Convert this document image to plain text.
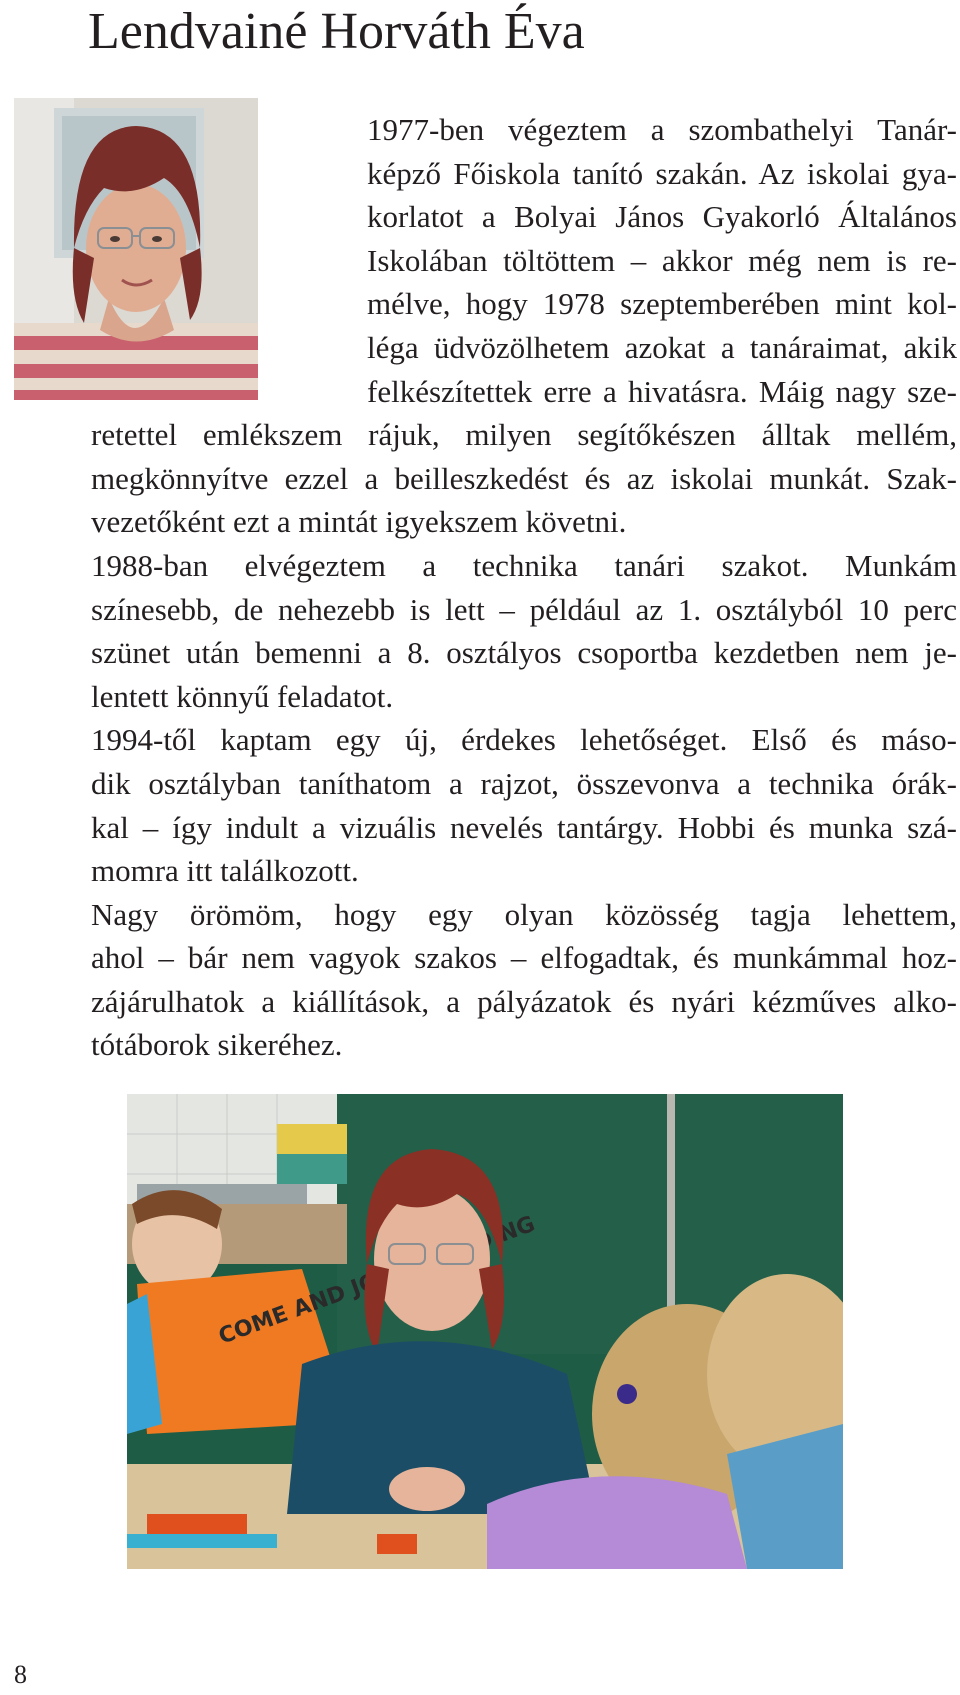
Lendvainé Horváth Éva

1977-ben végeztem a szombathelyi Tanár-
képző Főiskola tanító szakán. Az iskolai gya-
korlatot a Bolyai János Gyakorló Általános
Iskolában töltöttem – akkor még nem is re-
mélve, hogy 1978 szeptemberében mint kol-
léga üdvözölhetem azokat a tanáraimat, akik
felkészítettek erre a hivatásra. Máig nagy sze-
retettel emlékszem rájuk, milyen segítőkészen álltak mellém,
megkönnyítve ezzel a beilleszkedést és az iskolai munkát. Szak-
vezetőként ezt a mintát igyekszem követni.

1988-ban elvégeztem a technika tanári szakot. Munkám
színesebb, de nehezebb is lett – például az 1. osztályból 10 perc
szünet után bemenni a 8. osztályos csoportba kezdetben nem je-
lentett könnyű feladatot.

1994-től kaptam egy új, érdekes lehetőséget. Első és máso-
dik osztályban taníthatom a rajzot, összevonva a technika órák-
kal – így indult a vizuális nevelés tantárgy. Hobbi és munka szá-
momra itt találkozott.

Nagy örömöm, hogy egy olyan közösség tagja lehettem,
ahol – bár nem vagyok szakos – elfogadtak, és munkámmal hoz-
zájárulhatok a kiállítások, a pályázatok és nyári kézműves alko-
tótáborok sikeréhez.

COME AND RIDING
8
